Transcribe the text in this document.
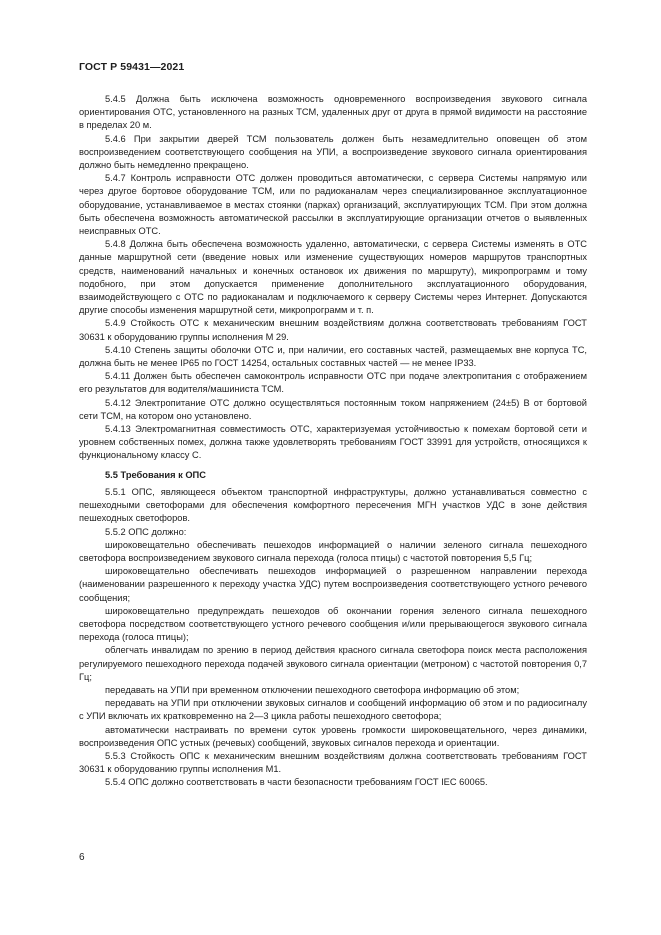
ГОСТ Р 59431—2021

5.4.5 Должна быть исключена возможность одновременного воспроизведения звукового сигнала ориентирования ОТС, установленного на разных ТСМ, удаленных друг от друга в прямой видимости на расстояние в пределах 20 м.

5.4.6 При закрытии дверей ТСМ пользователь должен быть незамедлительно оповещен об этом воспроизведением соответствующего сообщения на УПИ, а воспроизведение звукового сигнала ориентирования должно быть немедленно прекращено.

5.4.7 Контроль исправности ОТС должен проводиться автоматически, с сервера Системы напрямую или через другое бортовое оборудование ТСМ, или по радиоканалам через специализированное эксплуатационное оборудование, устанавливаемое в местах стоянки (парках) организаций, эксплуатирующих ТСМ. При этом должна быть обеспечена возможность автоматической рассылки в эксплуатирующие организации отчетов о выявленных неисправных ОТС.

5.4.8 Должна быть обеспечена возможность удаленно, автоматически, с сервера Системы изменять в ОТС данные маршрутной сети (введение новых или изменение существующих номеров маршрутов транспортных средств, наименований начальных и конечных остановок их движения по маршруту), микропрограмм и тому подобного, при этом допускается применение дополнительного эксплуатационного оборудования, взаимодействующего с ОТС по радиоканалам и подключаемого к серверу Системы через Интернет. Допускаются другие способы изменения маршрутной сети, микропрограмм и т. п.

5.4.9 Стойкость ОТС к механическим внешним воздействиям должна соответствовать требованиям ГОСТ 30631 к оборудованию группы исполнения М 29.

5.4.10 Степень защиты оболочки ОТС и, при наличии, его составных частей, размещаемых вне корпуса ТС, должна быть не менее IP65 по ГОСТ 14254, остальных составных частей — не менее IP33.

5.4.11 Должен быть обеспечен самоконтроль исправности ОТС при подаче электропитания с отображением его результатов для водителя/машиниста ТСМ.

5.4.12 Электропитание ОТС должно осуществляться постоянным током напряжением (24±5) В от бортовой сети ТСМ, на котором оно установлено.

5.4.13 Электромагнитная совместимость ОТС, характеризуемая устойчивостью к помехам бортовой сети и уровнем собственных помех, должна также удовлетворять требованиям ГОСТ 33991 для устройств, относящихся к функциональному классу С.

5.5 Требования к ОПС

5.5.1 ОПС, являющееся объектом транспортной инфраструктуры, должно устанавливаться совместно с пешеходными светофорами для обеспечения комфортного пересечения МГН участков УДС в зоне действия пешеходных светофоров.

5.5.2 ОПС должно:

широковещательно обеспечивать пешеходов информацией о наличии зеленого сигнала пешеходного светофора воспроизведением звукового сигнала перехода (голоса птицы) с частотой повторения 5,5 Гц;

широковещательно обеспечивать пешеходов информацией о разрешенном направлении перехода (наименовании разрешенного к переходу участка УДС) путем воспроизведения соответствующего устного речевого сообщения;

широковещательно предупреждать пешеходов об окончании горения зеленого сигнала пешеходного светофора посредством соответствующего устного речевого сообщения и/или прерывающегося звукового сигнала перехода (голоса птицы);

облегчать инвалидам по зрению в период действия красного сигнала светофора поиск места расположения регулируемого пешеходного перехода подачей звукового сигнала ориентации (метроном) с частотой повторения 0,7 Гц;

передавать на УПИ при временном отключении пешеходного светофора информацию об этом;

передавать на УПИ при отключении звуковых сигналов и сообщений информацию об этом и по радиосигналу с УПИ включать их кратковременно на 2—3 цикла работы пешеходного светофора;

автоматически настраивать по времени суток уровень громкости широковещательного, через динамики, воспроизведения ОПС устных (речевых) сообщений, звуковых сигналов перехода и ориентации.

5.5.3 Стойкость ОПС к механическим внешним воздействиям должна соответствовать требованиям ГОСТ 30631 к оборудованию группы исполнения М1.

5.5.4 ОПС должно соответствовать в части безопасности требованиям ГОСТ IEC 60065.

6
